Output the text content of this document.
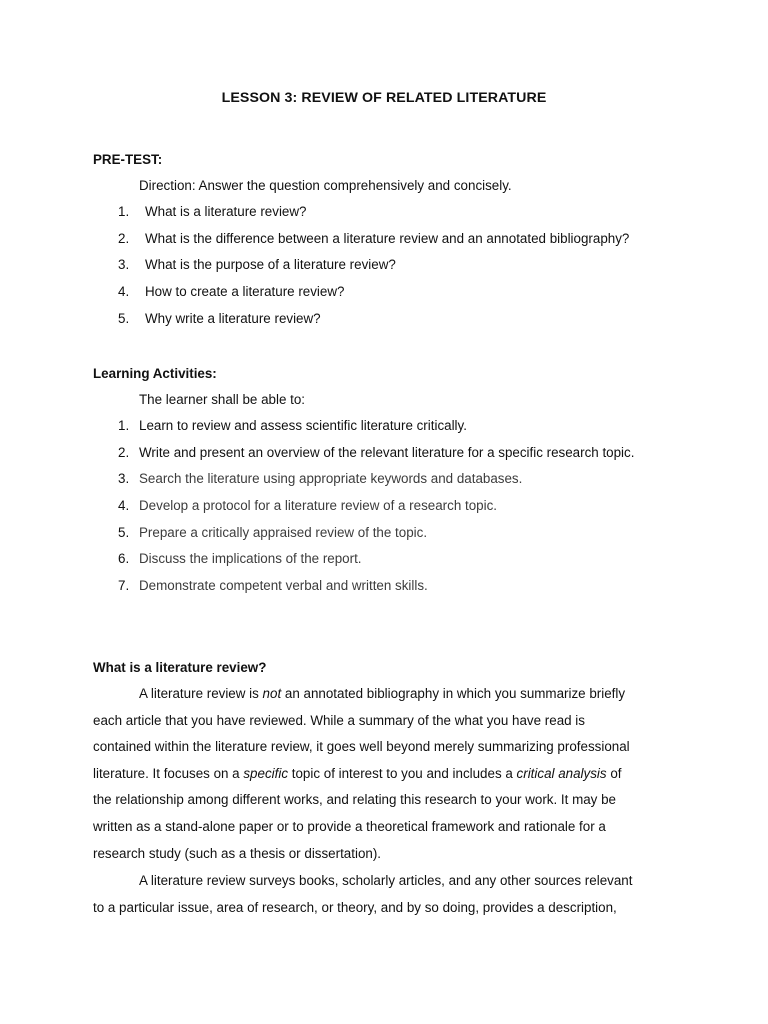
LESSON 3: REVIEW OF RELATED LITERATURE
PRE-TEST:
Direction: Answer the question comprehensively and concisely.
1.	What is a literature review?
2.	What is the difference between a literature review and an annotated bibliography?
3.	What is the purpose of a literature review?
4.	How to create a literature review?
5.	Why write a literature review?
Learning Activities:
The learner shall be able to:
1. Learn to review and assess scientific literature critically.
2. Write and present an overview of the relevant literature for a specific research topic.
3. Search the literature using appropriate keywords and databases.
4. Develop a protocol for a literature review of a research topic.
5. Prepare a critically appraised review of the topic.
6. Discuss the implications of the report.
7. Demonstrate competent verbal and written skills.
What is a literature review?
A literature review is not an annotated bibliography in which you summarize briefly
each article that you have reviewed. While a summary of the what you have read is
contained within the literature review, it goes well beyond merely summarizing professional
literature. It focuses on a specific topic of interest to you and includes a critical analysis of
the relationship among different works, and relating this research to your work. It may be
written as a stand-alone paper or to provide a theoretical framework and rationale for a
research study (such as a thesis or dissertation).
A literature review surveys books, scholarly articles, and any other sources relevant
to a particular issue, area of research, or theory, and by so doing, provides a description,
